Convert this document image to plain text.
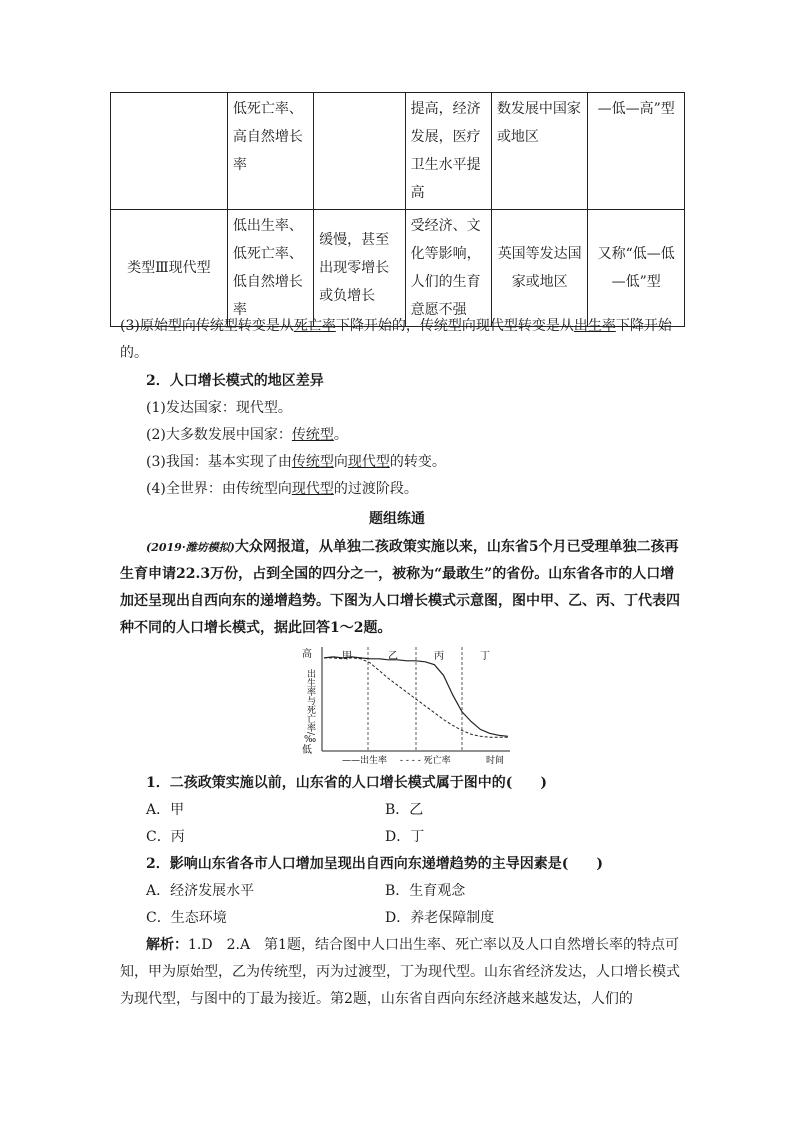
	低死亡率、高自然增长率		提高，经济发展，医疗卫生水平提高	数发展中国家或地区	—低—高”型
类型Ⅲ现代型	低出生率、低死亡率、低自然增长率	缓慢，甚至出现零增长或负增长	受经济、文化等影响，人们的生育意愿不强	英国等发达国家或地区	又称“低—低—低”型
(3)原始型向传统型转变是从死亡率下降开始的，传统型向现代型转变是从出生率下降开始的。
2．人口增长模式的地区差异
(1)发达国家：现代型。
(2)大多数发展中国家：传统型。
(3)我国：基本实现了由传统型向现代型的转变。
(4)全世界：由传统型向现代型的过渡阶段。
题组练通
(2019·潍坊模拟)大众网报道，从单独二孩政策实施以来，山东省5个月已受理单独二孩再生育申请22.3万份，占到全国的四分之一，被称为“最敢生”的省份。山东省各市的人口增加还呈现出自西向东的递增趋势。下图为人口增长模式示意图，图中甲、乙、丙、丁代表四种不同的人口增长模式，据此回答1～2题。
高
出生率与死亡率/‰
低
甲	乙	丙	丁
——出生率 - - - - 死亡率	时间
1．二孩政策实施以前，山东省的人口增长模式属于图中的(　　)
A．甲	B．乙
C．丙	D．丁
2．影响山东省各市人口增加呈现出自西向东递增趋势的主导因素是(　　)
A．经济发展水平	B．生育观念
C．生态环境	D．养老保障制度
解析：1.D　2.A　第1题，结合图中人口出生率、死亡率以及人口自然增长率的特点可知，甲为原始型，乙为传统型，丙为过渡型，丁为现代型。山东省经济发达，人口增长模式为现代型，与图中的丁最为接近。第2题，山东省自西向东经济越来越发达，人们的
